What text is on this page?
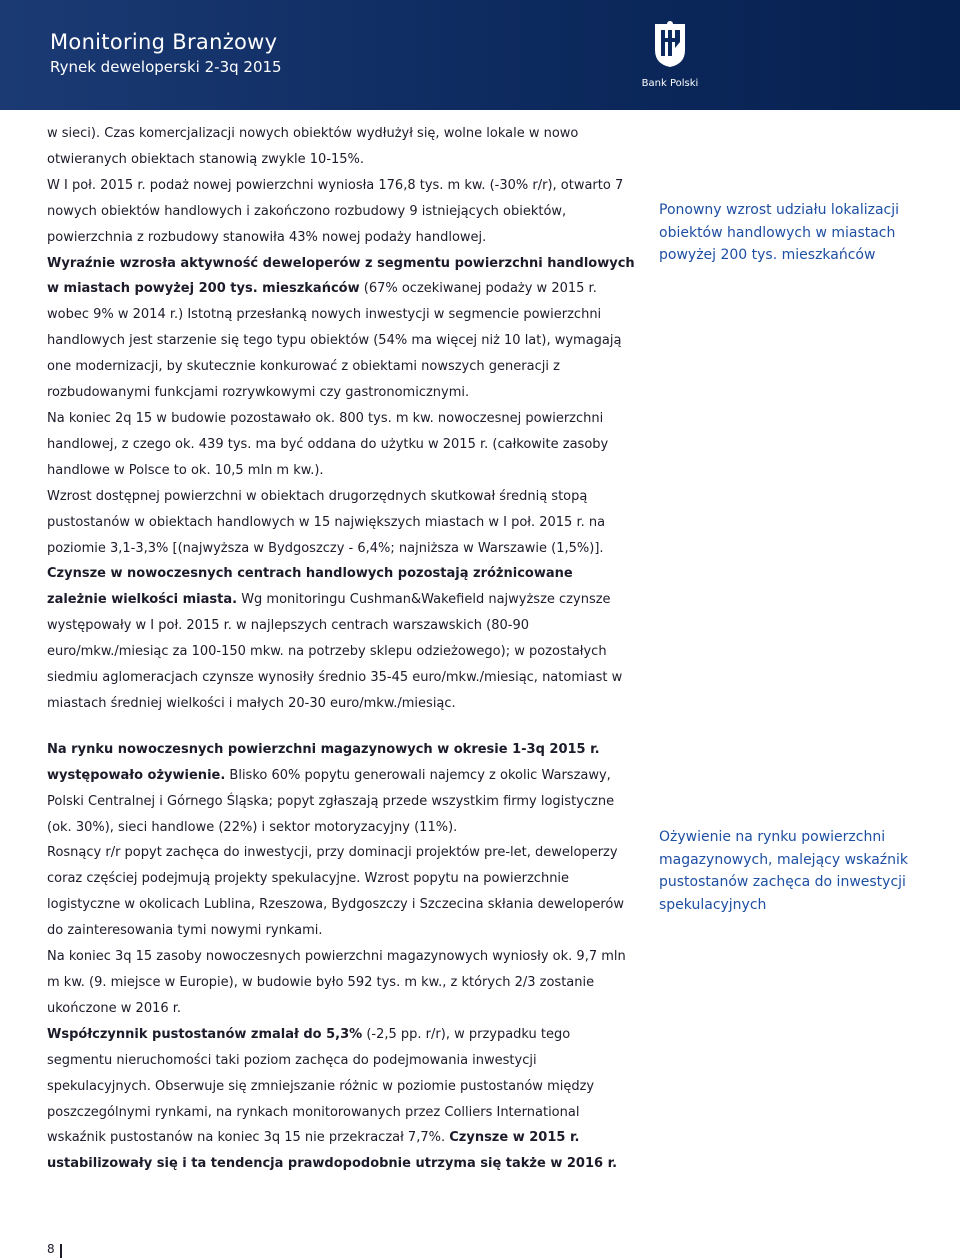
Monitoring Branżowy
Rynek deweloperski 2-3q 2015
Bank Polski

w sieci). Czas komercjalizacji nowych obiektów wydłużył się, wolne lokale w nowo otwieranych obiektach stanowią zwykle 10-15%.

W I poł. 2015 r. podaż nowej powierzchni wyniosła 176,8 tys. m kw. (-30% r/r), otwarto 7 nowych obiektów handlowych i zakończono rozbudowy 9 istniejących obiektów, powierzchnia z rozbudowy stanowiła 43% nowej podaży handlowej.

Wyraźnie wzrosła aktywność deweloperów z segmentu powierzchni handlowych w miastach powyżej 200 tys. mieszkańców (67% oczekiwanej podaży w 2015 r. wobec 9% w 2014 r.) Istotną przesłanką nowych inwestycji w segmencie powierzchni handlowych jest starzenie się tego typu obiektów (54% ma więcej niż 10 lat), wymagają one modernizacji, by skutecznie konkurować z obiektami nowszych generacji z rozbudowanymi funkcjami rozrywkowymi czy gastronomicznymi.

Na koniec 2q 15 w budowie pozostawało ok. 800 tys. m kw. nowoczesnej powierzchni handlowej, z czego ok. 439 tys. ma być oddana do użytku w 2015 r. (całkowite zasoby handlowe w Polsce to ok. 10,5 mln m kw.).

Wzrost dostępnej powierzchni w obiektach drugorzędnych skutkował średnią stopą pustostanów w obiektach handlowych w 15 największych miastach w I poł. 2015 r. na poziomie 3,1-3,3% [(najwyższa w Bydgoszczy - 6,4%; najniższa w Warszawie (1,5%)].

Czynsze w nowoczesnych centrach handlowych pozostają zróżnicowane zależnie wielkości miasta. Wg monitoringu Cushman&Wakefield najwyższe czynsze występowały w I poł. 2015 r. w najlepszych centrach warszawskich (80-90 euro/mkw./miesiąc za 100-150 mkw. na potrzeby sklepu odzieżowego); w pozostałych siedmiu aglomeracjach czynsze wynosiły średnio 35-45 euro/mkw./miesiąc, natomiast w miastach średniej wielkości i małych 20-30 euro/mkw./miesiąc.

Na rynku nowoczesnych powierzchni magazynowych w okresie 1-3q 2015 r. występowało ożywienie. Blisko 60% popytu generowali najemcy z okolic Warszawy, Polski Centralnej i Górnego Śląska; popyt zgłaszają przede wszystkim firmy logistyczne (ok. 30%), sieci handlowe (22%) i sektor motoryzacyjny (11%).

Rosnący r/r popyt zachęca do inwestycji, przy dominacji projektów pre-let, deweloperzy coraz częściej podejmują projekty spekulacyjne. Wzrost popytu na powierzchnie logistyczne w okolicach Lublina, Rzeszowa, Bydgoszczy i Szczecina skłania deweloperów do zainteresowania tymi nowymi rynkami.

Na koniec 3q 15 zasoby nowoczesnych powierzchni magazynowych wyniosły ok. 9,7 mln m kw. (9. miejsce w Europie), w budowie było 592 tys. m kw., z których 2/3 zostanie ukończone w 2016 r.

Współczynnik pustostanów zmalał do 5,3% (-2,5 pp. r/r), w przypadku tego segmentu nieruchomości taki poziom zachęca do podejmowania inwestycji spekulacyjnych. Obserwuje się zmniejszanie różnic w poziomie pustostanów między poszczególnymi rynkami, na rynkach monitorowanych przez Colliers International wskaźnik pustostanów na koniec 3q 15 nie przekraczał 7,7%. Czynsze w 2015 r. ustabilizowały się i ta tendencja prawdopodobnie utrzyma się także w 2016 r.

Ponowny wzrost udziału lokalizacji obiektów handlowych w miastach powyżej 200 tys. mieszkańców
Ożywienie na rynku powierzchni magazynowych, malejący wskaźnik pustostanów zachęca do inwestycji spekulacyjnych
8
